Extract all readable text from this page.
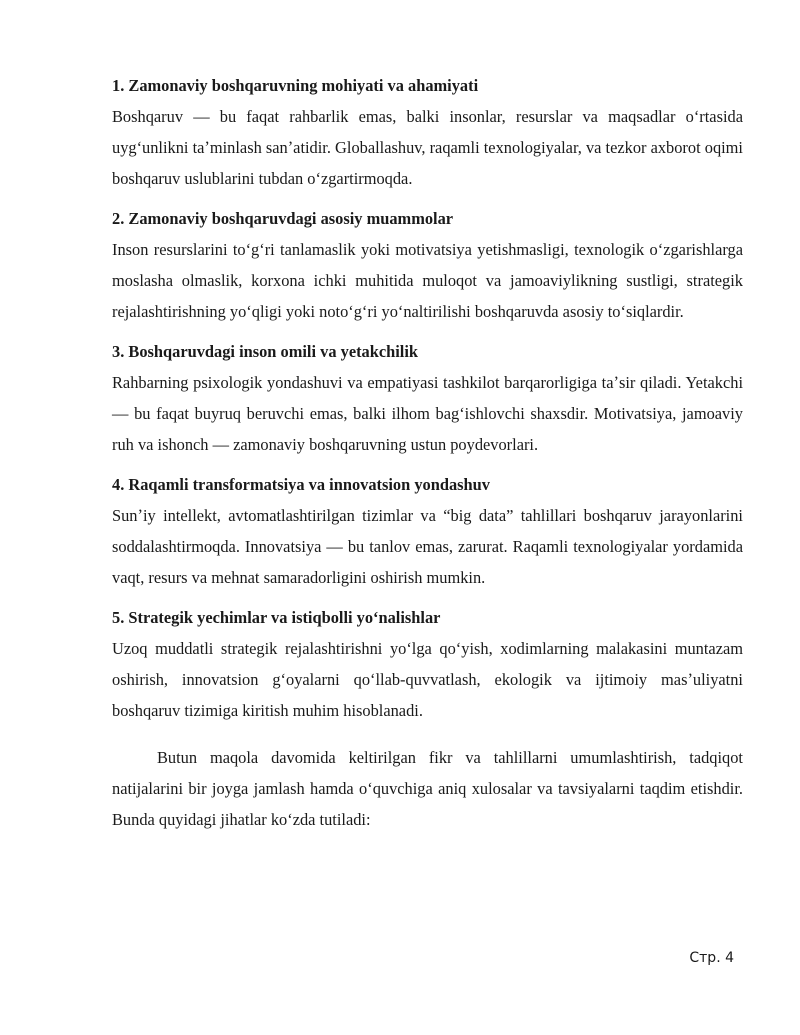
1. Zamonaviy boshqaruvning mohiyati va ahamiyati

Boshqaruv — bu faqat rahbarlik emas, balki insonlar, resurslar va maqsadlar oʻrtasida uygʻunlikni taʼminlash sanʼatidir. Globallashuv, raqamli texnologiyalar, va tezkor axborot oqimi boshqaruv uslublarini tubdan oʻzgartirmoqda.

2. Zamonaviy boshqaruvdagi asosiy muammolar

Inson resurslarini toʻgʻri tanlamaslik yoki motivatsiya yetishmasligi, texnologik oʻzgarishlarga moslasha olmaslik, korxona ichki muhitida muloqot va jamoaviylikning sustligi, strategik rejalashtirishning yoʻqligi yoki notoʻgʻri yoʻnaltirilishi boshqaruvda asosiy toʻsiqlardir.

3. Boshqaruvdagi inson omili va yetakchilik

Rahbarning psixologik yondashuvi va empatiyasi tashkilot barqarorligiga taʼsir qiladi. Yetakchi — bu faqat buyruq beruvchi emas, balki ilhom bagʻishlovchi shaxsdir. Motivatsiya, jamoaviy ruh va ishonch — zamonaviy boshqaruvning ustun poydevorlari.

4. Raqamli transformatsiya va innovatsion yondashuv

Sunʼiy intellekt, avtomatlashtirilgan tizimlar va “big data” tahlillari boshqaruv jarayonlarini soddalashtirmoqda. Innovatsiya — bu tanlov emas, zarurat. Raqamli texnologiyalar yordamida vaqt, resurs va mehnat samaradorligini oshirish mumkin.

5. Strategik yechimlar va istiqbolli yoʻnalishlar

Uzoq muddatli strategik rejalashtirishni yoʻlga qoʻyish, xodimlarning malakasini muntazam oshirish, innovatsion gʻoyalarni qoʻllab-quvvatlash, ekologik va ijtimoiy masʼuliyatni boshqaruv tizimiga kiritish muhim hisoblanadi.

Butun maqola davomida keltirilgan fikr va tahlillarni umumlashtirish, tadqiqot natijalarini bir joyga jamlash hamda oʻquvchiga aniq xulosalar va tavsiyalarni taqdim etishdir. Bunda quyidagi jihatlar koʻzda tutiladi:

Стр. 4
